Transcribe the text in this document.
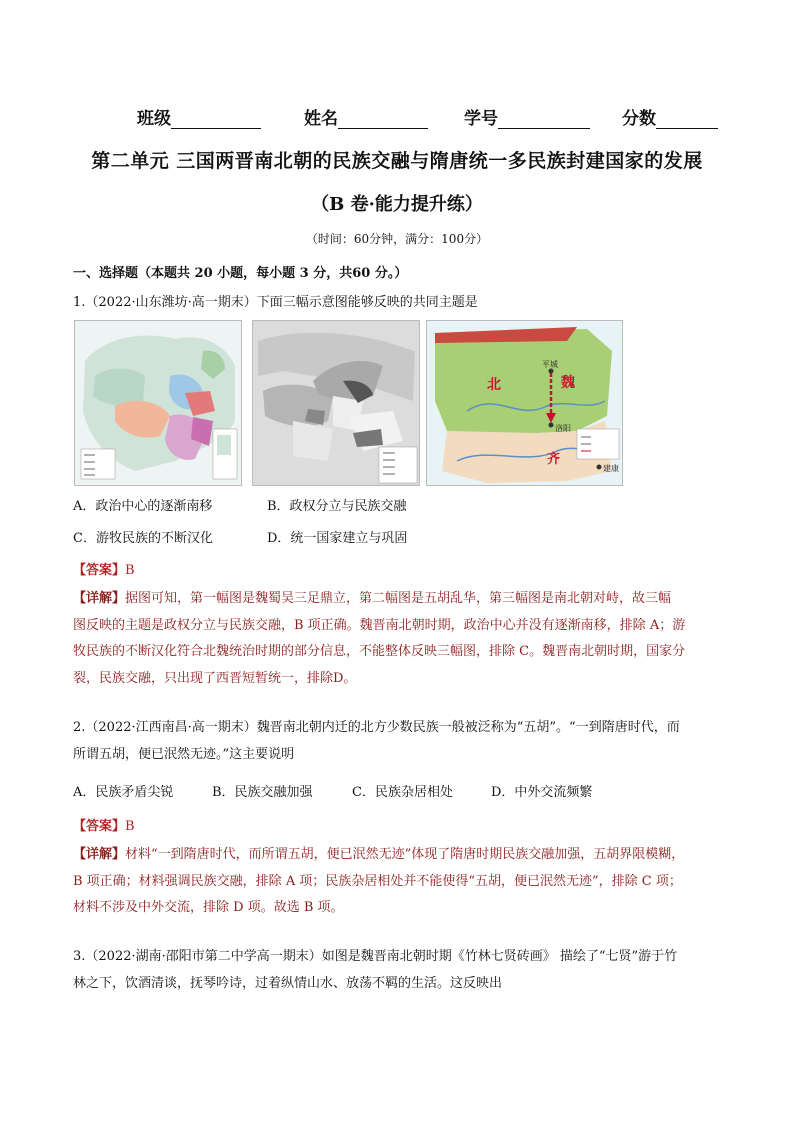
班级	姓名	学号	分数
第二单元 三国两晋南北朝的民族交融与隋唐统一多民族封建国家的发展
（B 卷·能力提升练）
（时间：60分钟，满分：100分）
一、选择题（本题共 20 小题，每小题 3 分，共60 分。）
1.（2022·山东潍坊·高一期末）下面三幅示意图能够反映的共同主题是
平城
洛阳
北	魏
齐
建康
A．政治中心的逐渐南移	B．政权分立与民族交融
C．游牧民族的不断汉化	D．统一国家建立与巩固
【答案】B
【详解】据图可知，第一幅图是魏蜀吴三足鼎立，第二幅图是五胡乱华，第三幅图是南北朝对峙，故三幅
图反映的主题是政权分立与民族交融，B 项正确。魏晋南北朝时期，政治中心并没有逐渐南移，排除 A；游
牧民族的不断汉化符合北魏统治时期的部分信息，不能整体反映三幅图，排除 C。魏晋南北朝时期，国家分
裂，民族交融，只出现了西晋短暂统一，排除D。
2.（2022·江西南昌·高一期末）魏晋南北朝内迁的北方少数民族一般被泛称为“五胡”。“一到隋唐时代，而
所谓五胡，便已泯然无迹。”这主要说明
A．民族矛盾尖锐	B．民族交融加强	C．民族杂居相处	D．中外交流频繁
【答案】B
【详解】材料“一到隋唐时代，而所谓五胡，便已泯然无迹”体现了隋唐时期民族交融加强，五胡界限模糊，
B 项正确；材料强调民族交融，排除 A 项；民族杂居相处并不能使得“五胡，便已泯然无迹”，排除 C 项；
材料不涉及中外交流，排除 D 项。故选 B 项。
3.（2022·湖南·邵阳市第二中学高一期末）如图是魏晋南北朝时期《竹林七贤砖画》 描绘了“七贤”游于竹
林之下，饮酒清谈，抚琴吟诗，过着纵情山水、放荡不羁的生活。这反映出
